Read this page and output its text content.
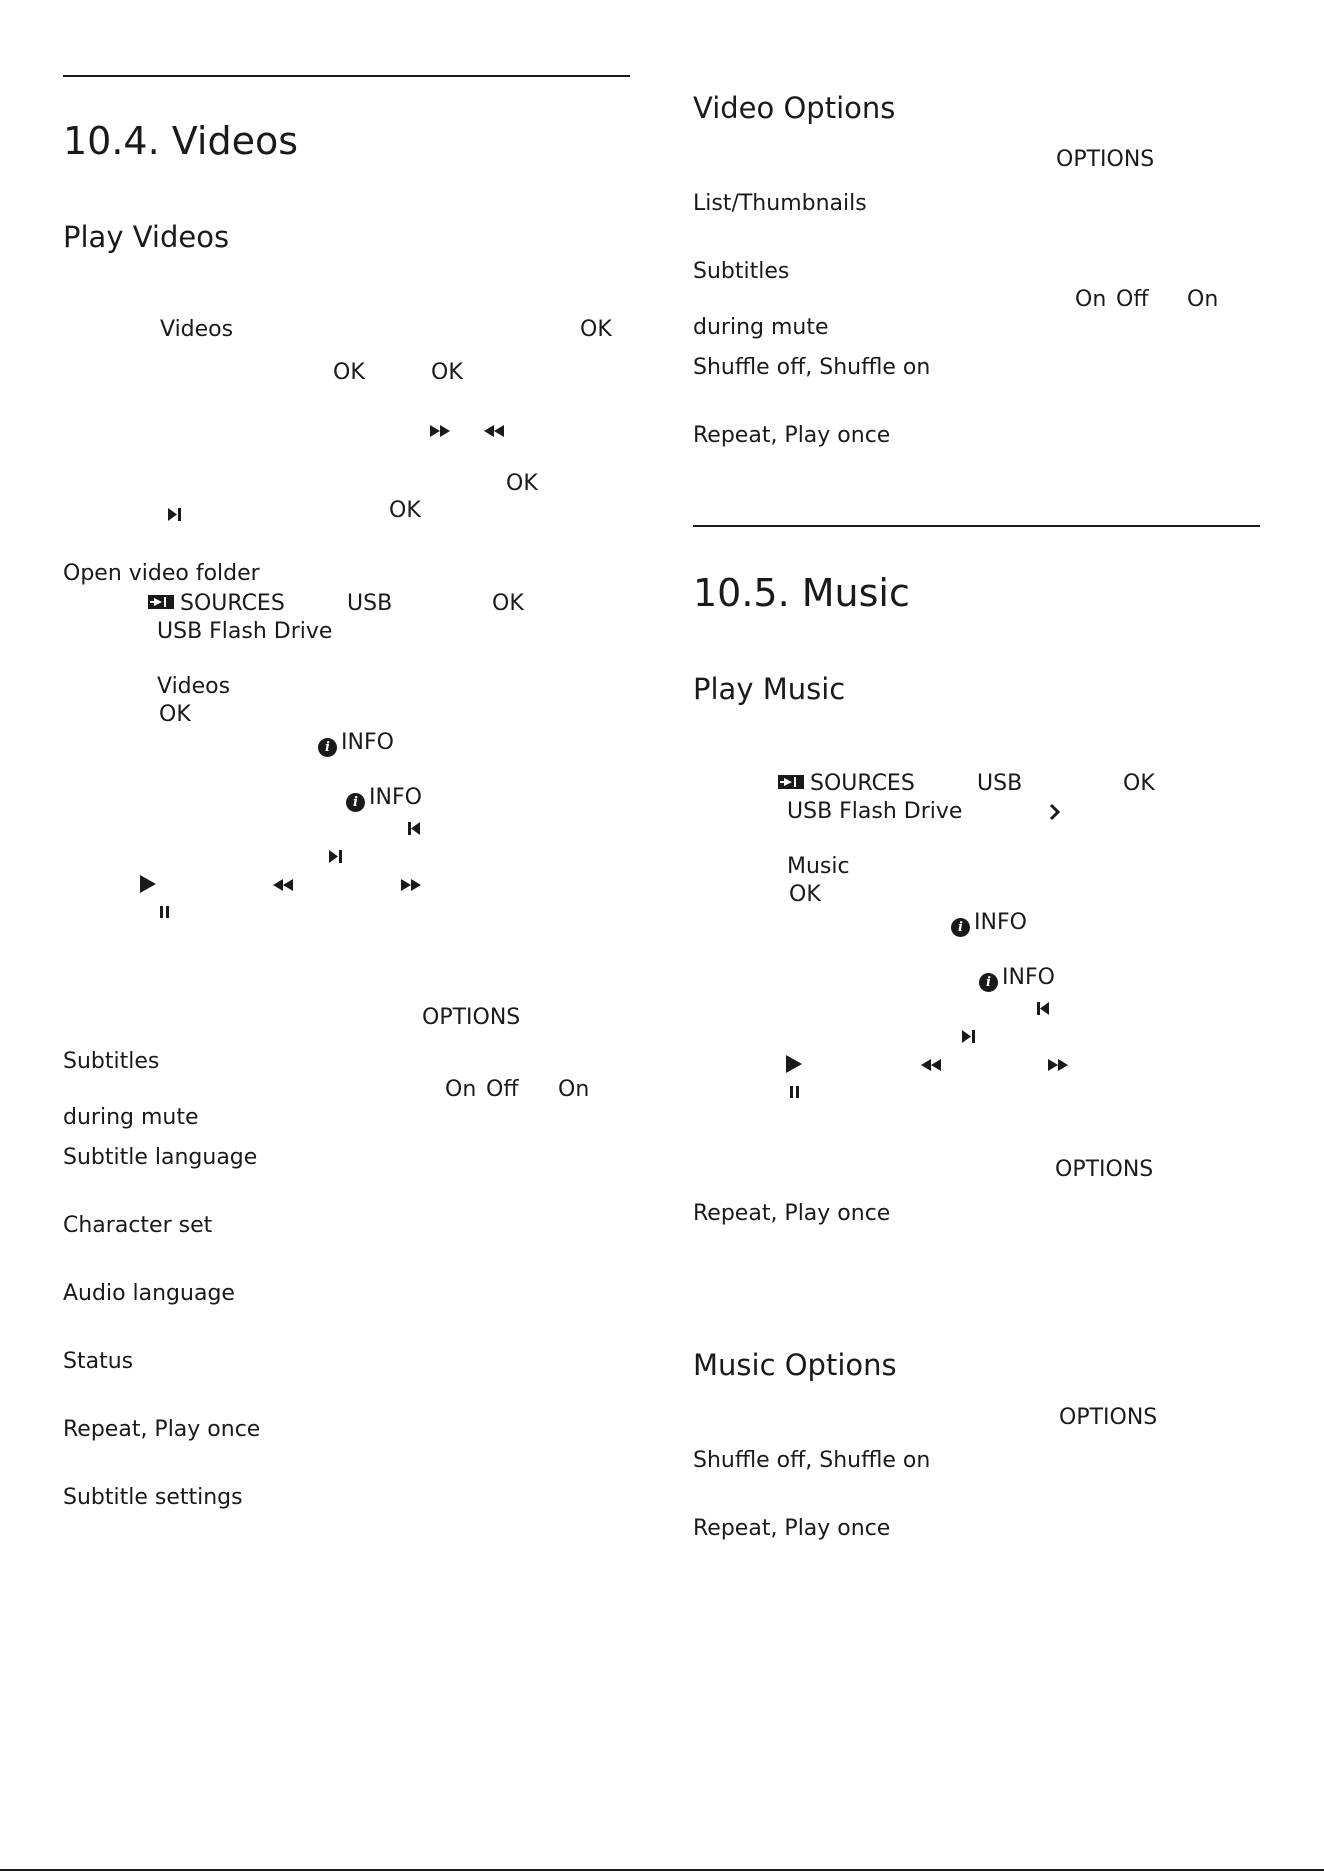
10.4. Videos
Play Videos
Videos	OK
OK	OK
OK
OK
Open video folder
SOURCES	USB	OK
USB Flash Drive
Videos
OK
i INFO
i INFO
OPTIONS
Subtitles
On Off On
during mute
Subtitle language
Character set
Audio language
Status
Repeat, Play once
Subtitle settings
Video Options
OPTIONS
List/Thumbnails
Subtitles
On Off On
during mute
Shuffle off, Shuffle on
Repeat, Play once
10.5. Music
Play Music
SOURCES	USB	OK
USB Flash Drive
Music
OK
i INFO
i INFO
OPTIONS
Repeat, Play once
Music Options
OPTIONS
Shuffle off, Shuffle on
Repeat, Play once
